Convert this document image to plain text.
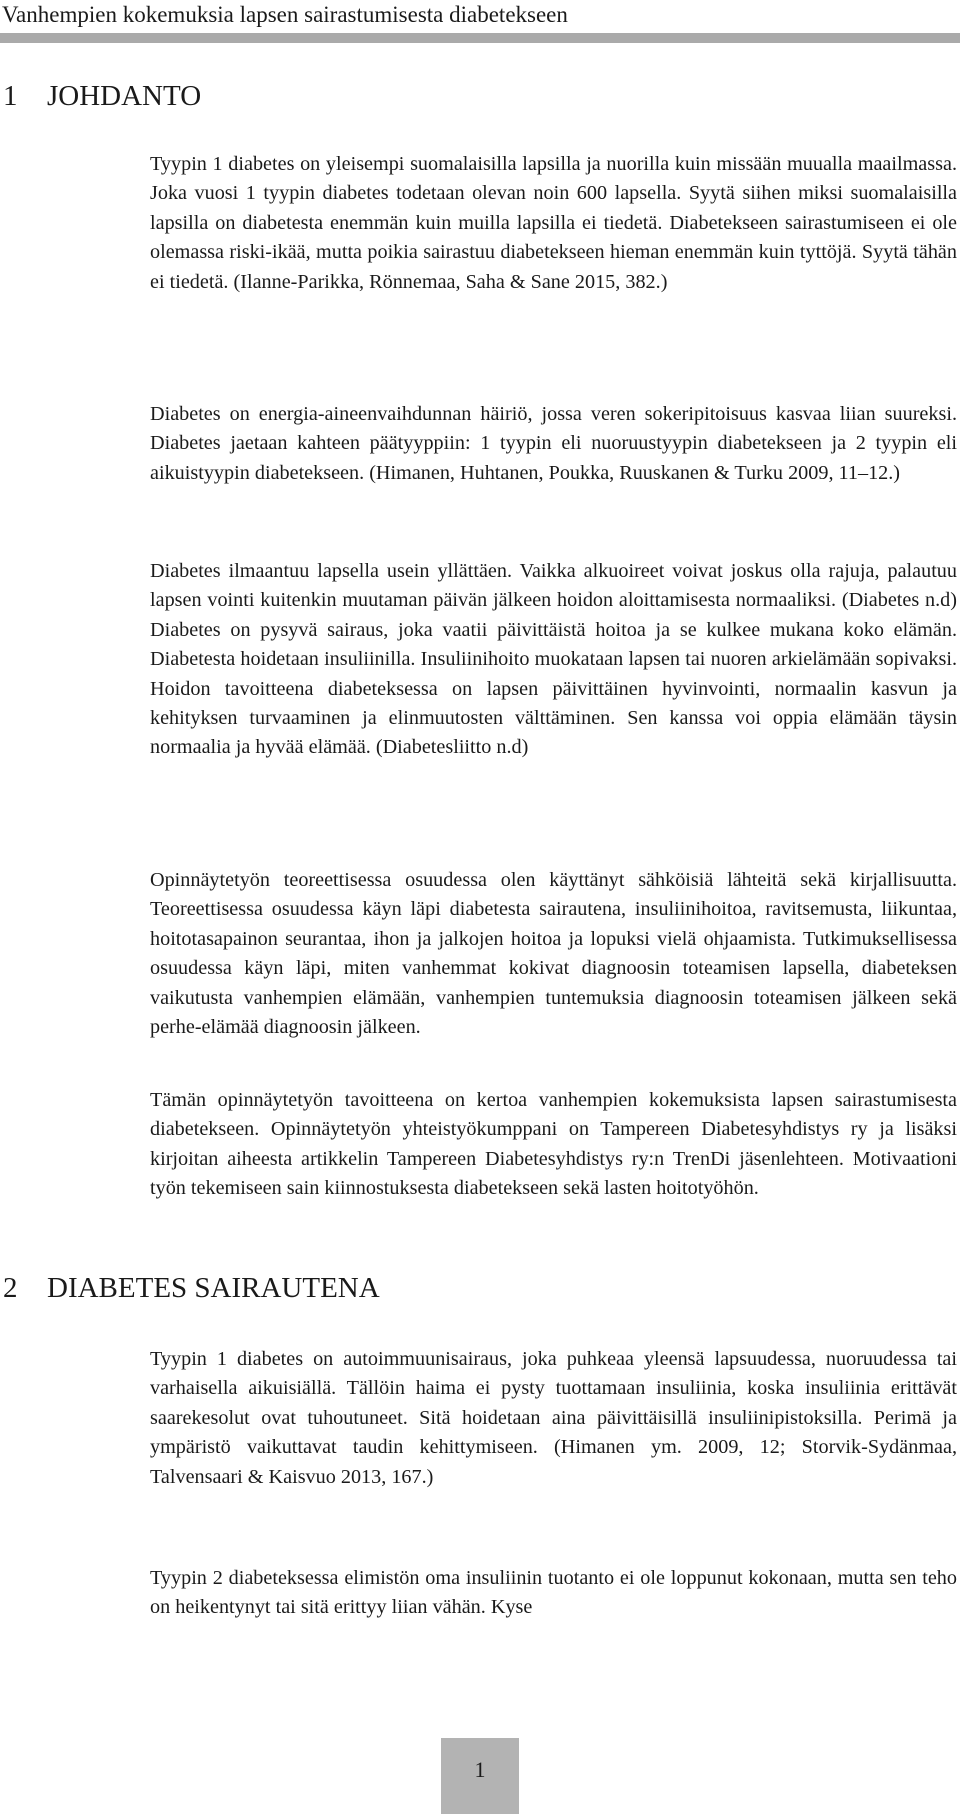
Vanhempien kokemuksia lapsen sairastumisesta diabetekseen
1 JOHDANTO

Tyypin 1 diabetes on yleisempi suomalaisilla lapsilla ja nuorilla kuin missään muualla maailmassa. Joka vuosi 1 tyypin diabetes todetaan olevan noin 600 lapsella. Syytä siihen miksi suomalaisilla lapsilla on diabetesta enemmän kuin muilla lapsilla ei tiedetä. Diabetekseen sairastumiseen ei ole olemassa riski-ikää, mutta poikia sairastuu diabetekseen hieman enemmän kuin tyttöjä. Syytä tähän ei tiedetä. (Ilanne-Parikka, Rönnemaa, Saha & Sane 2015, 382.)

Diabetes on energia-aineenvaihdunnan häiriö, jossa veren sokeripitoisuus kasvaa liian suureksi. Diabetes jaetaan kahteen päätyyppiin: 1 tyypin eli nuoruustyypin diabetekseen ja 2 tyypin eli aikuistyypin diabetekseen. (Himanen, Huhtanen, Poukka, Ruuskanen & Turku 2009, 11–12.)

Diabetes ilmaantuu lapsella usein yllättäen. Vaikka alkuoireet voivat joskus olla rajuja, palautuu lapsen vointi kuitenkin muutaman päivän jälkeen hoidon aloittamisesta normaaliksi. (Diabetes n.d) Diabetes on pysyvä sairaus, joka vaatii päivittäistä hoitoa ja se kulkee mukana koko elämän. Diabetesta hoidetaan insuliinilla. Insuliinihoito muokataan lapsen tai nuoren arkielämään sopivaksi. Hoidon tavoitteena diabeteksessa on lapsen päivittäinen hyvinvointi, normaalin kasvun ja kehityksen turvaaminen ja elinmuutosten välttäminen. Sen kanssa voi oppia elämään täysin normaalia ja hyvää elämää. (Diabetesliitto n.d)

Opinnäytetyön teoreettisessa osuudessa olen käyttänyt sähköisiä lähteitä sekä kirjallisuutta. Teoreettisessa osuudessa käyn läpi diabetesta sairautena, insuliinihoitoa, ravitsemusta, liikuntaa, hoitotasapainon seurantaa, ihon ja jalkojen hoitoa ja lopuksi vielä ohjaamista. Tutkimuksellisessa osuudessa käyn läpi, miten vanhemmat kokivat diagnoosin toteamisen lapsella, diabeteksen vaikutusta vanhempien elämään, vanhempien tuntemuksia diagnoosin toteamisen jälkeen sekä perhe-elämää diagnoosin jälkeen.

Tämän opinnäytetyön tavoitteena on kertoa vanhempien kokemuksista lapsen sairastumisesta diabetekseen. Opinnäytetyön yhteistyökumppani on Tampereen Diabetesyhdistys ry ja lisäksi kirjoitan aiheesta artikkelin Tampereen Diabetesyhdistys ry:n TrenDi jäsenlehteen. Motivaationi työn tekemiseen sain kiinnostuksesta diabetekseen sekä lasten hoitotyöhön.

2 DIABETES SAIRAUTENA

Tyypin 1 diabetes on autoimmuunisairaus, joka puhkeaa yleensä lapsuudessa, nuoruudessa tai varhaisella aikuisiällä. Tällöin haima ei pysty tuottamaan insuliinia, koska insuliinia erittävät saarekesolut ovat tuhoutuneet. Sitä hoidetaan aina päivittäisillä insuliinipistoksilla. Perimä ja ympäristö vaikuttavat taudin kehittymiseen. (Himanen ym. 2009, 12; Storvik-Sydänmaa, Talvensaari & Kaisvuo 2013, 167.)

Tyypin 2 diabeteksessa elimistön oma insuliinin tuotanto ei ole loppunut kokonaan, mutta sen teho on heikentynyt tai sitä erittyy liian vähän. Kyse

1
